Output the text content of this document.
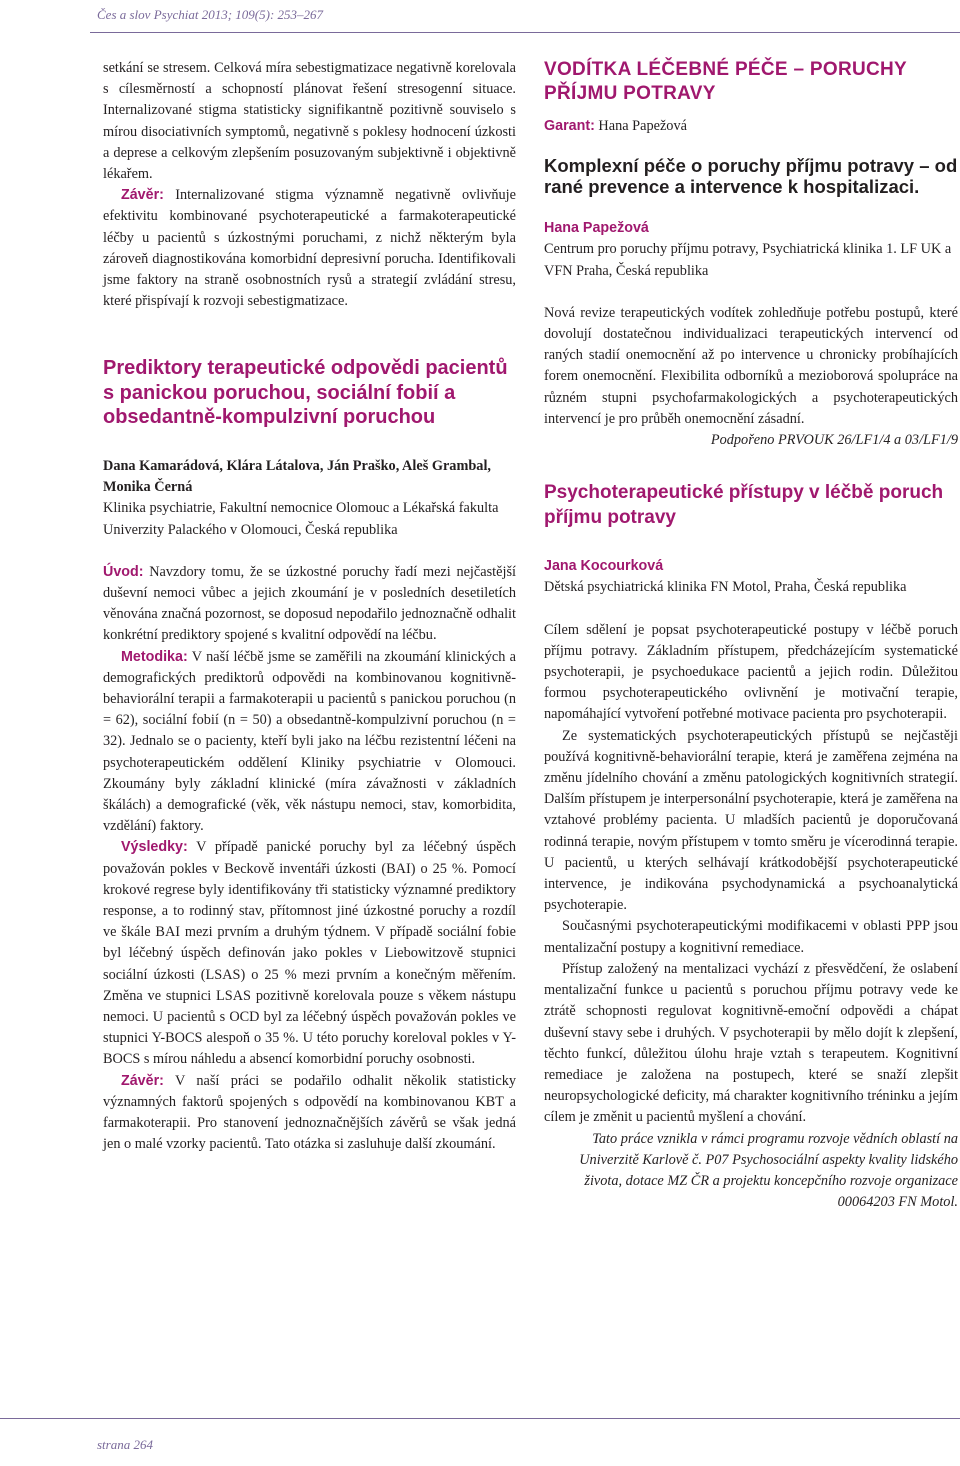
Čes a slov Psychiat 2013; 109(5): 253–267

setkání se stresem. Celková míra sebestigmatizace negativně korelovala s cílesměrností a schopností plánovat řešení stresogenní situace. Internalizované stigma statisticky signifikantně pozitivně souviselo s mírou disociativních symptomů, negativně s poklesy hodnocení úzkosti a deprese a celkovým zlepšením posuzovaným subjektivně i objektivně lékařem.

Závěr: Internalizované stigma významně negativně ovlivňuje efektivitu kombinované psychoterapeutické a farmakoterapeutické léčby u pacientů s úzkostnými poruchami, z nichž některým byla zároveň diagnostikována komorbidní depresivní porucha. Identifikovali jsme faktory na straně osobnostních rysů a strategií zvládání stresu, které přispívají k rozvoji sebestigmatizace.

Prediktory terapeutické odpovědi pacientů s panickou poruchou, sociální fobií a obsedantně-kompulzivní poruchou

Dana Kamarádová, Klára Látalova, Ján Praško, Aleš Grambal, Monika Černá

Klinika psychiatrie, Fakultní nemocnice Olomouc a Lékařská fakulta Univerzity Palackého v Olomouci, Česká republika

Úvod: Navzdory tomu, že se úzkostné poruchy řadí mezi nejčastější duševní nemoci vůbec a jejich zkoumání je v posledních desetiletích věnována značná pozornost, se doposud nepodařilo jednoznačně odhalit konkrétní prediktory spojené s kvalitní odpovědí na léčbu.

Metodika: V naší léčbě jsme se zaměřili na zkoumání klinických a demografických prediktorů odpovědi na kombinovanou kognitivně-behaviorální terapii a farmakoterapii u pacientů s panickou poruchou (n = 62), sociální fobií (n = 50) a obsedantně-kompulzivní poruchou (n = 32). Jednalo se o pacienty, kteří byli jako na léčbu rezistentní léčeni na psychoterapeutickém oddělení Kliniky psychiatrie v Olomouci. Zkoumány byly základní klinické (míra závažnosti v základních škálách) a demografické (věk, věk nástupu nemoci, stav, komorbidita, vzdělání) faktory.

Výsledky: V případě panické poruchy byl za léčebný úspěch považován pokles v Beckově inventáři úzkosti (BAI) o 25 %. Pomocí krokové regrese byly identifikovány tři statisticky významné prediktory response, a to rodinný stav, přítomnost jiné úzkostné poruchy a rozdíl ve škále BAI mezi prvním a druhým týdnem. V případě sociální fobie byl léčebný úspěch definován jako pokles v Liebowitzově stupnici sociální úzkosti (LSAS) o 25 % mezi prvním a konečným měřením. Změna ve stupnici LSAS pozitivně korelovala pouze s věkem nástupu nemoci. U pacientů s OCD byl za léčebný úspěch považován pokles ve stupnici Y-BOCS alespoň o 35 %. U této poruchy koreloval pokles v Y-BOCS s mírou náhledu a absencí komorbidní poruchy osobnosti.

Závěr: V naší práci se podařilo odhalit několik statisticky významných faktorů spojených s odpovědí na kombinovanou KBT a farmakoterapii. Pro stanovení jednoznačnějších závěrů se však jedná jen o malé vzorky pacientů. Tato otázka si zasluhuje další zkoumání.

VODÍTKA LÉČEBNÉ PÉČE – PORUCHY PŘÍJMU POTRAVY

Garant: Hana Papežová

Komplexní péče o poruchy příjmu potravy – od rané prevence a intervence k hospitalizaci.

Hana Papežová

Centrum pro poruchy příjmu potravy, Psychiatrická klinika 1. LF UK a VFN Praha, Česká republika

Nová revize terapeutických vodítek zohledňuje potřebu postupů, které dovolují dostatečnou individualizaci terapeutických intervencí od raných stadií onemocnění až po intervence u chronicky probíhajících forem onemocnění. Flexibilita odborníků a mezioborová spolupráce na různém stupni psychofarmakologických a psychoterapeutických intervencí je pro průběh onemocnění zásadní.

Podpořeno PRVOUK 26/LF1/4 a 03/LF1/9

Psychoterapeutické přístupy v léčbě poruch příjmu potravy

Jana Kocourková

Dětská psychiatrická klinika FN Motol, Praha, Česká republika

Cílem sdělení je popsat psychoterapeutické postupy v léčbě poruch příjmu potravy. Základním přístupem, předcházejícím systematické psychoterapii, je psychoedukace pacientů a jejich rodin. Důležitou formou psychoterapeutického ovlivnění je motivační terapie, napomáhající vytvoření potřebné motivace pacienta pro psychoterapii.

Ze systematických psychoterapeutických přístupů se nejčastěji používá kognitivně-behaviorální terapie, která je zaměřena zejména na změnu jídelního chování a změnu patologických kognitivních strategií. Dalším přístupem je interpersonální psychoterapie, která je zaměřena na vztahové problémy pacienta. U mladších pacientů je doporučovaná rodinná terapie, novým přístupem v tomto směru je vícerodinná terapie. U pacientů, u kterých selhávají krátkodobější psychoterapeutické intervence, je indikována psychodynamická a psychoanalytická psychoterapie.

Současnými psychoterapeutickými modifikacemi v oblasti PPP jsou mentalizační postupy a kognitivní remediace.

Přístup založený na mentalizaci vychází z přesvědčení, že oslabení mentalizační funkce u pacientů s poruchou příjmu potravy vede ke ztrátě schopnosti regulovat kognitivně-emoční odpovědi a chápat duševní stavy sebe i druhých. V psychoterapii by mělo dojít k zlepšení, těchto funkcí, důležitou úlohu hraje vztah s terapeutem. Kognitivní remediace je založena na postupech, které se snaží zlepšit neuropsychologické deficity, má charakter kognitivního tréninku a jejím cílem je změnit u pacientů myšlení a chování.

Tato práce vznikla v rámci programu rozvoje vědních oblastí na Univerzitě Karlově č. P07 Psychosociální aspekty kvality lidského života, dotace MZ ČR a projektu koncepčního rozvoje organizace 00064203 FN Motol.

strana 264
